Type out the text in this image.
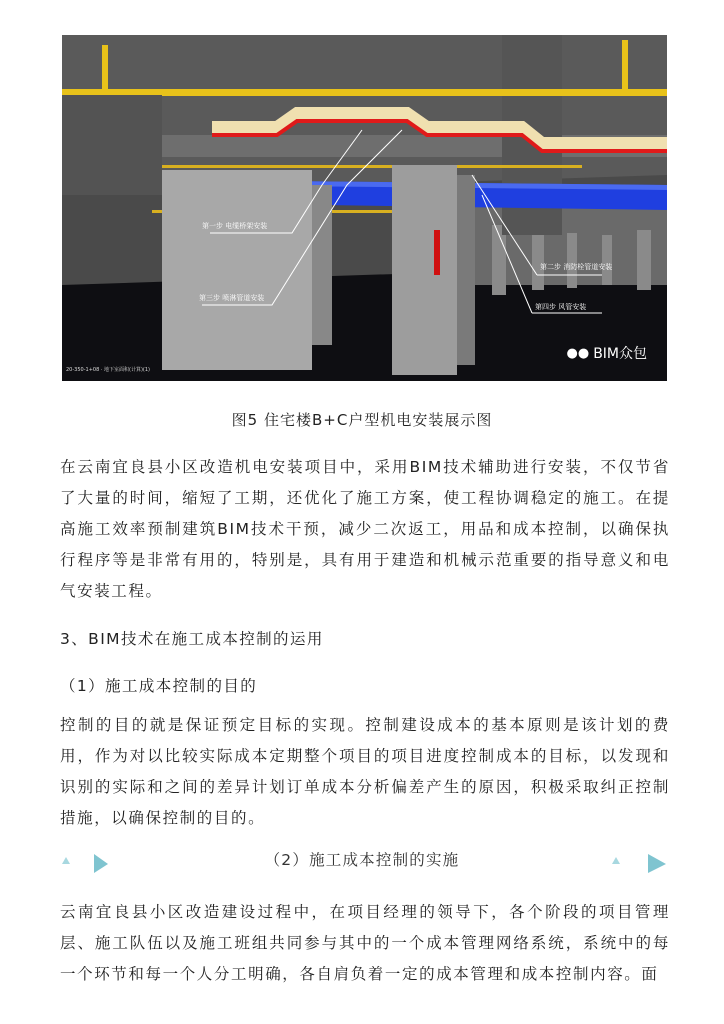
第一步 电缆桥架安装
第三步 喷淋管道安装
第二步 消防栓管道安装
第四步 风管安装
●● BIM众包
20-350-1+08 · 地下室面积(计算)(1)
图5 住宅楼B+C户型机电安装展示图
在云南宜良县小区改造机电安装项目中，采用BIM技术辅助进行安装，不仅节省了大量的时间，缩短了工期，还优化了施工方案，使工程协调稳定的施工。在提高施工效率预制建筑BIM技术干预，减少二次返工，用品和成本控制，以确保执行程序等是非常有用的，特别是，具有用于建造和机械示范重要的指导意义和电气安装工程。
3、BIM技术在施工成本控制的运用
（1）施工成本控制的目的
控制的目的就是保证预定目标的实现。控制建设成本的基本原则是该计划的费用，作为对以比较实际成本定期整个项目的项目进度控制成本的目标，以发现和识别的实际和之间的差异计划订单成本分析偏差产生的原因，积极采取纠正控制措施，以确保控制的目的。
（2）施工成本控制的实施
云南宜良县小区改造建设过程中，在项目经理的领导下，各个阶段的项目管理层、施工队伍以及施工班组共同参与其中的一个成本管理网络系统，系统中的每一个环节和每一个人分工明确，各自肩负着一定的成本管理和成本控制内容。面
